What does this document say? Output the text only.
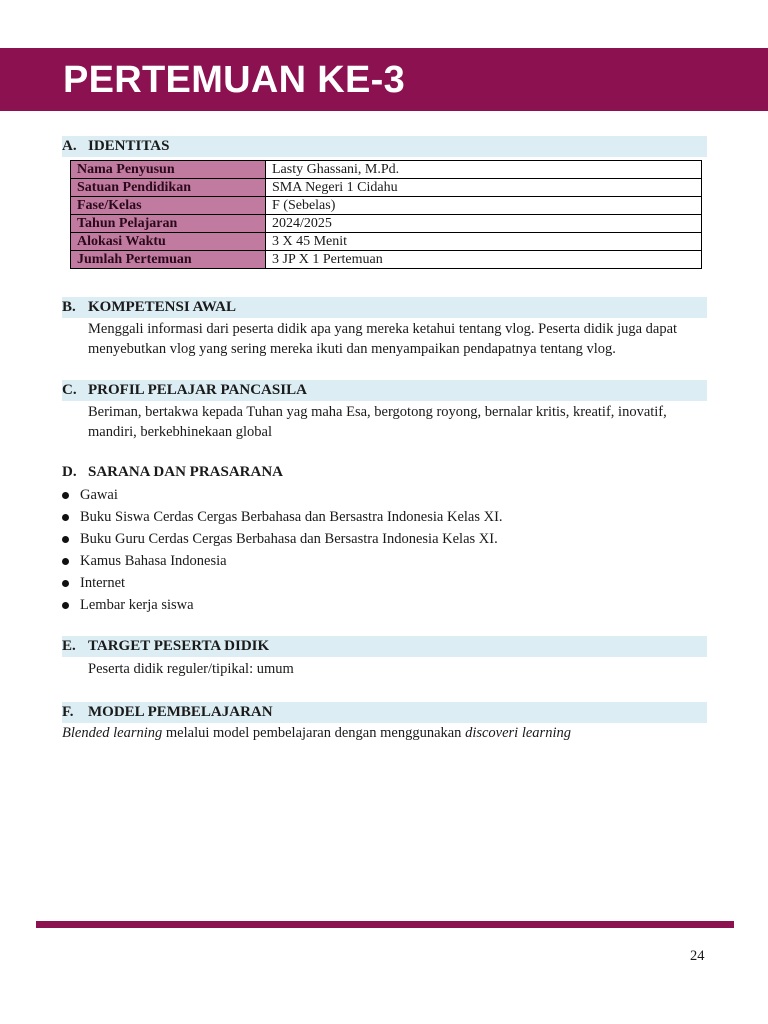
PERTEMUAN KE-3
A. IDENTITAS
Nama Penyusun	Lasty Ghassani, M.Pd.
Satuan Pendidikan	SMA Negeri 1 Cidahu
Fase/Kelas	F (Sebelas)
Tahun Pelajaran	2024/2025
Alokasi Waktu	3 X 45 Menit
Jumlah Pertemuan	3 JP X 1 Pertemuan
B. KOMPETENSI AWAL
Menggali informasi dari peserta didik apa yang mereka ketahui tentang vlog. Peserta didik juga dapat
menyebutkan vlog yang sering mereka ikuti dan menyampaikan pendapatnya tentang vlog.
C. PROFIL PELAJAR PANCASILA
Beriman, bertakwa kepada Tuhan yag maha Esa, bergotong royong, bernalar kritis, kreatif, inovatif,
mandiri, berkebhinekaan global
D. SARANA DAN PRASARANA
Gawai
Buku Siswa Cerdas Cergas Berbahasa dan Bersastra Indonesia Kelas XI.
Buku Guru Cerdas Cergas Berbahasa dan Bersastra Indonesia Kelas XI.
Kamus Bahasa Indonesia
Internet
Lembar kerja siswa
E. TARGET PESERTA DIDIK
Peserta didik reguler/tipikal: umum
F. MODEL PEMBELAJARAN
Blended learning melalui model pembelajaran dengan menggunakan discoveri learning
24
